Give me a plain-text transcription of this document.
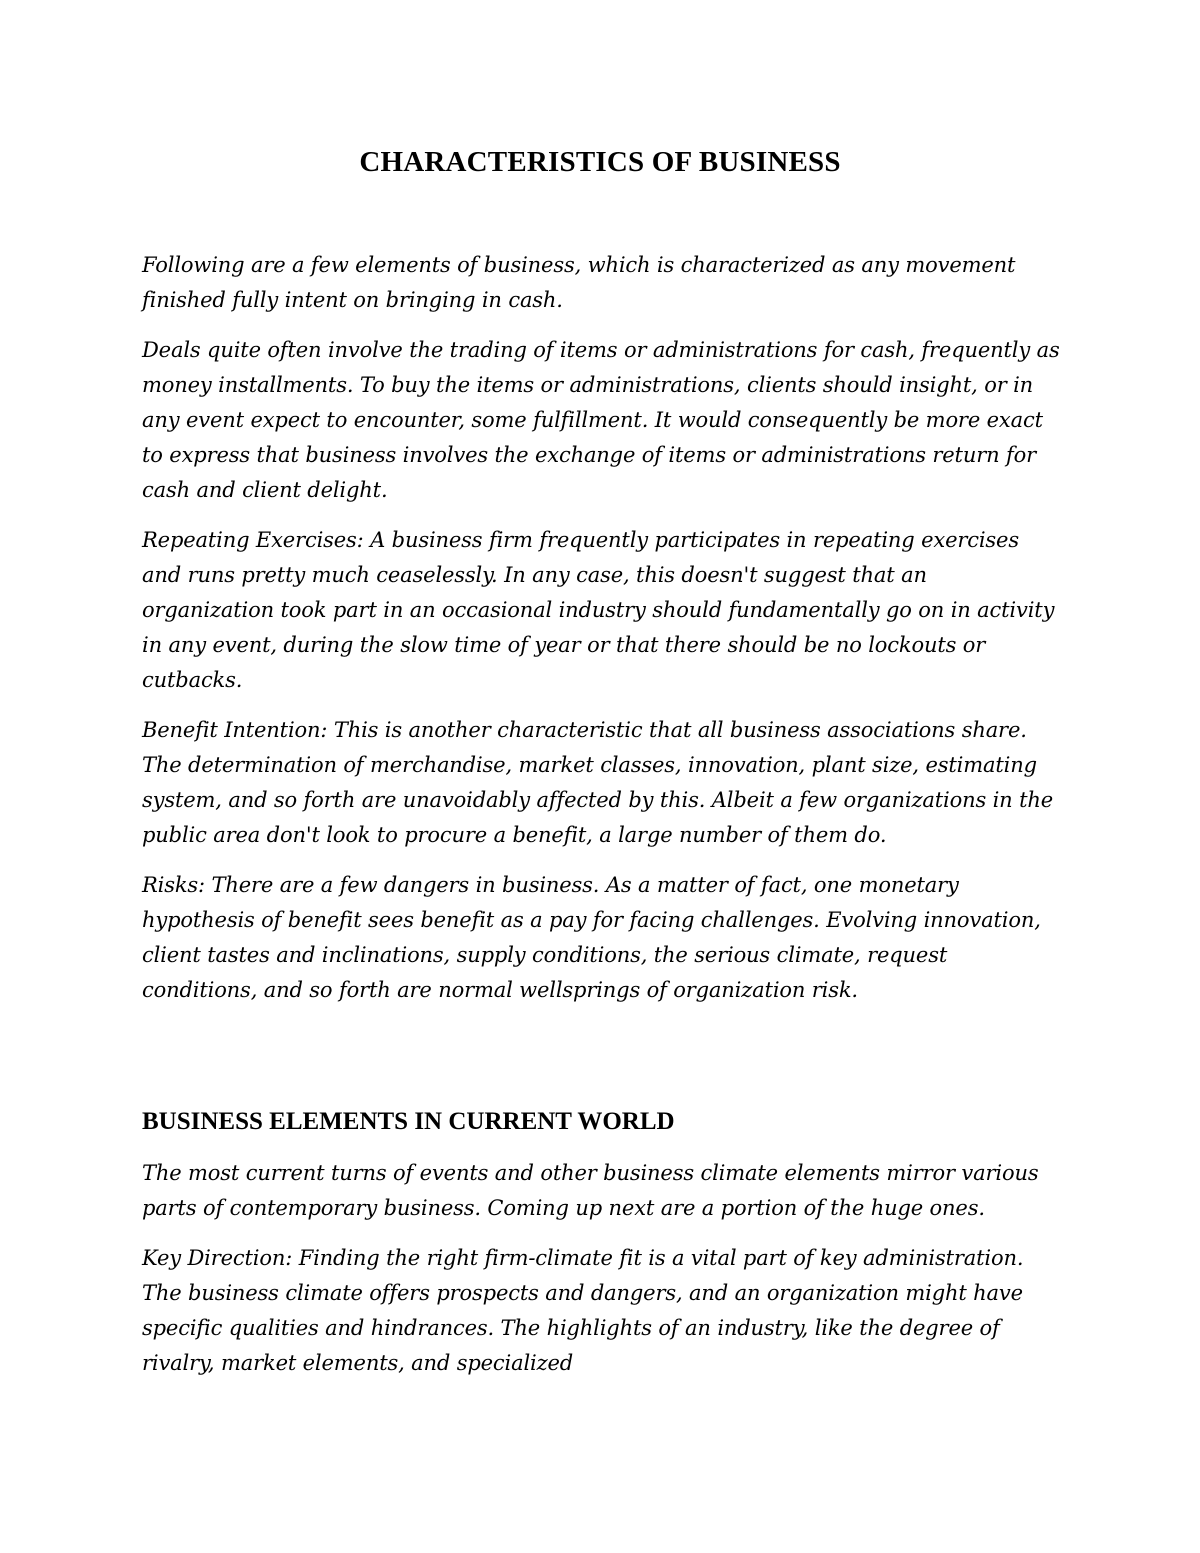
CHARACTERISTICS OF BUSINESS

Following are a few elements of business, which is characterized as any movement finished fully intent on bringing in cash.

Deals quite often involve the trading of items or administrations for cash, frequently as money installments. To buy the items or administrations, clients should insight, or in any event expect to encounter, some fulfillment. It would consequently be more exact to express that business involves the exchange of items or administrations return for cash and client delight.

Repeating Exercises: A business firm frequently participates in repeating exercises and runs pretty much ceaselessly. In any case, this doesn't suggest that an organization took part in an occasional industry should fundamentally go on in activity in any event, during the slow time of year or that there should be no lockouts or cutbacks.

Benefit Intention: This is another characteristic that all business associations share. The determination of merchandise, market classes, innovation, plant size, estimating system, and so forth are unavoidably affected by this. Albeit a few organizations in the public area don't look to procure a benefit, a large number of them do.

Risks: There are a few dangers in business. As a matter of fact, one monetary hypothesis of benefit sees benefit as a pay for facing challenges. Evolving innovation, client tastes and inclinations, supply conditions, the serious climate, request conditions, and so forth are normal wellsprings of organization risk.

BUSINESS ELEMENTS IN CURRENT WORLD

The most current turns of events and other business climate elements mirror various parts of contemporary business. Coming up next are a portion of the huge ones.

Key Direction: Finding the right firm-climate fit is a vital part of key administration. The business climate offers prospects and dangers, and an organization might have specific qualities and hindrances. The highlights of an industry, like the degree of rivalry, market elements, and specialized
